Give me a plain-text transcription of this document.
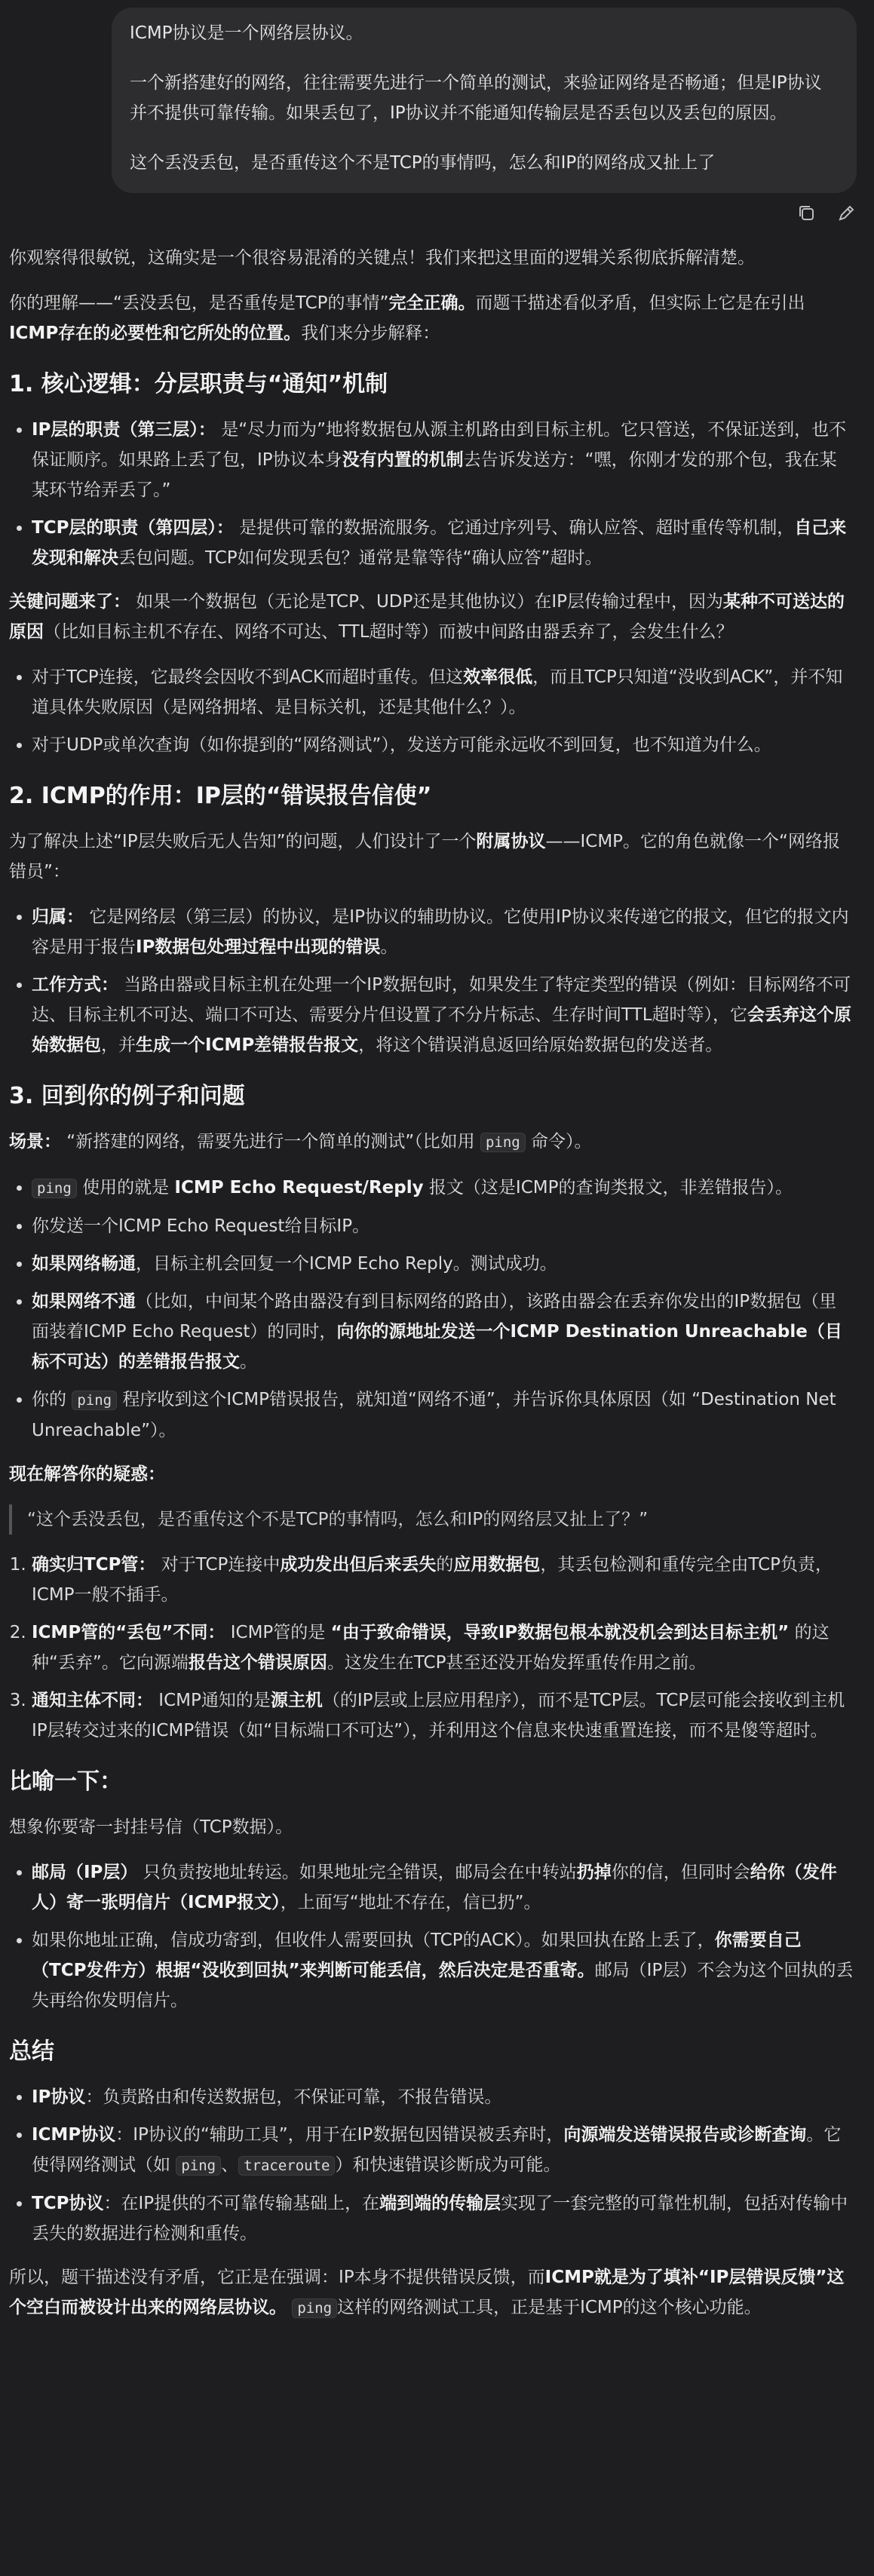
ICMP协议是一个网络层协议。

一个新搭建好的网络，往往需要先进行一个简单的测试，来验证网络是否畅通；但是IP协议并不提供可靠传输。如果丢包了，IP协议并不能通知传输层是否丢包以及丢包的原因。

这个丢没丢包，是否重传这个不是TCP的事情吗，怎么和IP的网络成又扯上了

你观察得很敏锐，这确实是一个很容易混淆的关键点！我们来把这里面的逻辑关系彻底拆解清楚。

你的理解——“丢没丢包，是否重传是TCP的事情”完全正确。而题干描述看似矛盾，但实际上它是在引出ICMP存在的必要性和它所处的位置。我们来分步解释：

1. 核心逻辑：分层职责与“通知”机制
• IP层的职责（第三层）： 是“尽力而为”地将数据包从源主机路由到目标主机。它只管送，不保证送到，也不保证顺序。如果路上丢了包，IP协议本身没有内置的机制去告诉发送方：“嘿，你刚才发的那个包，我在某某环节给弄丢了。”
• TCP层的职责（第四层）： 是提供可靠的数据流服务。它通过序列号、确认应答、超时重传等机制，自己来发现和解决丢包问题。TCP如何发现丢包？通常是靠等待“确认应答”超时。

关键问题来了： 如果一个数据包（无论是TCP、UDP还是其他协议）在IP层传输过程中，因为某种不可送达的原因（比如目标主机不存在、网络不可达、TTL超时等）而被中间路由器丢弃了，会发生什么？

• 对于TCP连接，它最终会因收不到ACK而超时重传。但这效率很低，而且TCP只知道“没收到ACK”，并不知道具体失败原因（是网络拥堵、是目标关机，还是其他什么？）。
• 对于UDP或单次查询（如你提到的“网络测试”），发送方可能永远收不到回复，也不知道为什么。
2. ICMP的作用：IP层的“错误报告信使”

为了解决上述“IP层失败后无人告知”的问题，人们设计了一个附属协议——ICMP。它的角色就像一个“网络报错员”：

• 归属： 它是网络层（第三层）的协议，是IP协议的辅助协议。它使用IP协议来传递它的报文，但它的报文内容是用于报告IP数据包处理过程中出现的错误。
• 工作方式： 当路由器或目标主机在处理一个IP数据包时，如果发生了特定类型的错误（例如：目标网络不可达、目标主机不可达、端口不可达、需要分片但设置了不分片标志、生存时间TTL超时等），它会丢弃这个原始数据包，并生成一个ICMP差错报告报文，将这个错误消息返回给原始数据包的发送者。
3. 回到你的例子和问题

场景： “新搭建的网络，需要先进行一个简单的测试”（比如用 ping 命令）。

• ping 使用的就是 ICMP Echo Request/Reply 报文（这是ICMP的查询类报文，非差错报告）。
• 你发送一个ICMP Echo Request给目标IP。
• 如果网络畅通，目标主机会回复一个ICMP Echo Reply。测试成功。
• 如果网络不通（比如，中间某个路由器没有到目标网络的路由），该路由器会在丢弃你发出的IP数据包（里面装着ICMP Echo Request）的同时，向你的源地址发送一个ICMP Destination Unreachable（目标不可达）的差错报告报文。
• 你的 ping 程序收到这个ICMP错误报告，就知道“网络不通”，并告诉你具体原因（如 “Destination Net Unreachable”）。

现在解答你的疑惑：

“这个丢没丢包，是否重传这个不是TCP的事情吗，怎么和IP的网络层又扯上了？”
1. 确实归TCP管： 对于TCP连接中成功发出但后来丢失的应用数据包，其丢包检测和重传完全由TCP负责，ICMP一般不插手。
2. ICMP管的“丢包”不同： ICMP管的是 “由于致命错误，导致IP数据包根本就没机会到达目标主机” 的这种“丢弃”。它向源端报告这个错误原因。这发生在TCP甚至还没开始发挥重传作用之前。
3. 通知主体不同： ICMP通知的是源主机（的IP层或上层应用程序），而不是TCP层。TCP层可能会接收到主机IP层转交过来的ICMP错误（如“目标端口不可达”），并利用这个信息来快速重置连接，而不是傻等超时。
比喻一下：

想象你要寄一封挂号信（TCP数据）。

• 邮局（IP层） 只负责按地址转运。如果地址完全错误，邮局会在中转站扔掉你的信，但同时会给你（发件人）寄一张明信片（ICMP报文），上面写“地址不存在，信已扔”。
• 如果你地址正确，信成功寄到，但收件人需要回执（TCP的ACK）。如果回执在路上丢了，你需要自己（TCP发件方）根据“没收到回执”来判断可能丢信，然后决定是否重寄。邮局（IP层）不会为这个回执的丢失再给你发明信片。
总结
• IP协议：负责路由和传送数据包，不保证可靠，不报告错误。
• ICMP协议：IP协议的“辅助工具”，用于在IP数据包因错误被丢弃时，向源端发送错误报告或诊断查询。它使得网络测试（如 ping 、 traceroute ）和快速错误诊断成为可能。
• TCP协议：在IP提供的不可靠传输基础上，在端到端的传输层实现了一套完整的可靠性机制，包括对传输中丢失的数据进行检测和重传。

所以，题干描述没有矛盾，它正是在强调：IP本身不提供错误反馈，而ICMP就是为了填补“IP层错误反馈”这个空白而被设计出来的网络层协议。 ping 这样的网络测试工具，正是基于ICMP的这个核心功能。
